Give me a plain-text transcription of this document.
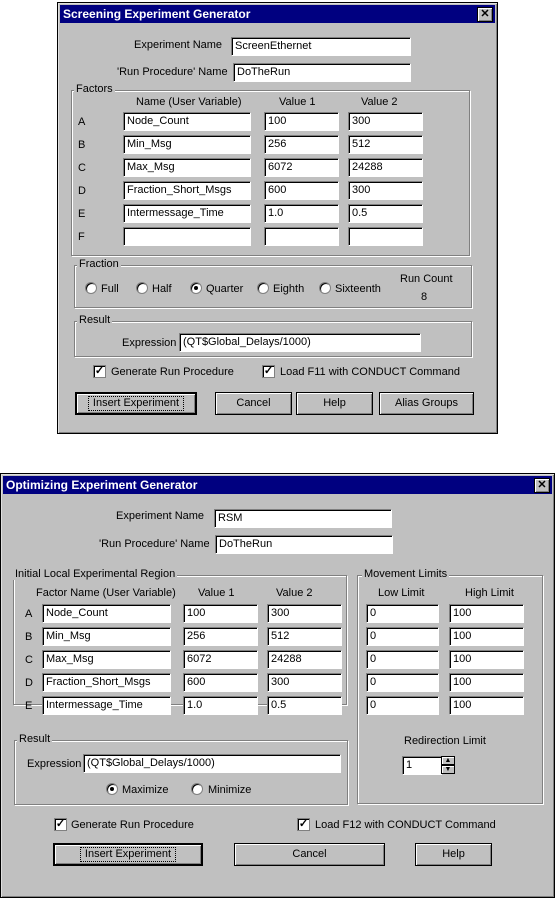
Screening Experiment Generator	✕
Experiment Name	ScreenEthernet
'Run Procedure' Name DoTheRun
Factors
Name (User Variable)	Value 1	Value 2
A	Node_Count	100	300
B	Min_Msg	256	512
C	Max_Msg	6072	24288
D	Fraction_Short_Msgs	600	300
E	Intermessage_Time	1.0	0.5
F
Fraction
Full	Half	Quarter	Eighth	Sixteenth
Run Count
8
Result
Expression (QT$Global_Delays/1000)
✓ Generate Run Procedure	✓ Load F11 with CONDUCT Command
Insert Experiment	Cancel	Help	Alias Groups
Optimizing Experiment Generator	✕
Experiment Name	RSM
'Run Procedure' Name DoTheRun
Initial Local Experimental Region
Factor Name (User Variable) Value 1	Value 2
Movement Limits
Low Limit	High Limit
A	Node_Count	100	300	0	100
B	Min_Msg	256	512	0	100
C	Max_Msg	6072	24288	0	100
D	Fraction_Short_Msgs	600	300	0	100
E	Intermessage_Time	1.0	0.5	0	100
Redirection Limit
1	▲
▼
Result
Expression (QT$Global_Delays/1000)
Maximize	Minimize
✓ Generate Run Procedure	✓ Load F12 with CONDUCT Command
Insert Experiment	Cancel	Help
